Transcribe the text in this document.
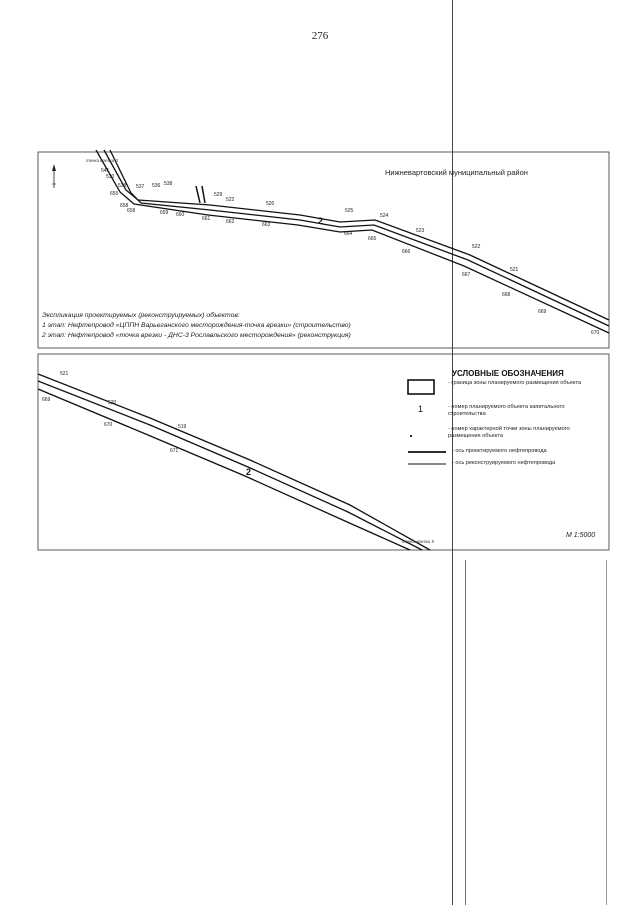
276
2
541
530
538 537 536 538
529
522
520
525
524
523
522
521
655
658
658	659 660
661	662	663
664
665
666
667
668
669
670
точка врезки 3
2
521
669	520
670	519
671
точка врезки 5
1
Нижневартовский муниципальный район
Экспликация проектируемых (реконструируемых) объектов:
1 этап: Нефтепровод «ЦППН Варьеганского месторождения-точка врезки» (строительство)
2 этап: Нефтепровод «точка врезки - ДНС-3 Рославльского месторождения» (реконструкция)
УСЛОВНЫЕ ОБОЗНАЧЕНИЯ
- граница зоны планируемого размещения объекта
- номер планируемого объекта капитального строительства
- номер характерной точки зоны планируемого размещения объекта
- ось проектируемого нефтепровода
- ось реконструируемого нефтепровода
М 1:5000
